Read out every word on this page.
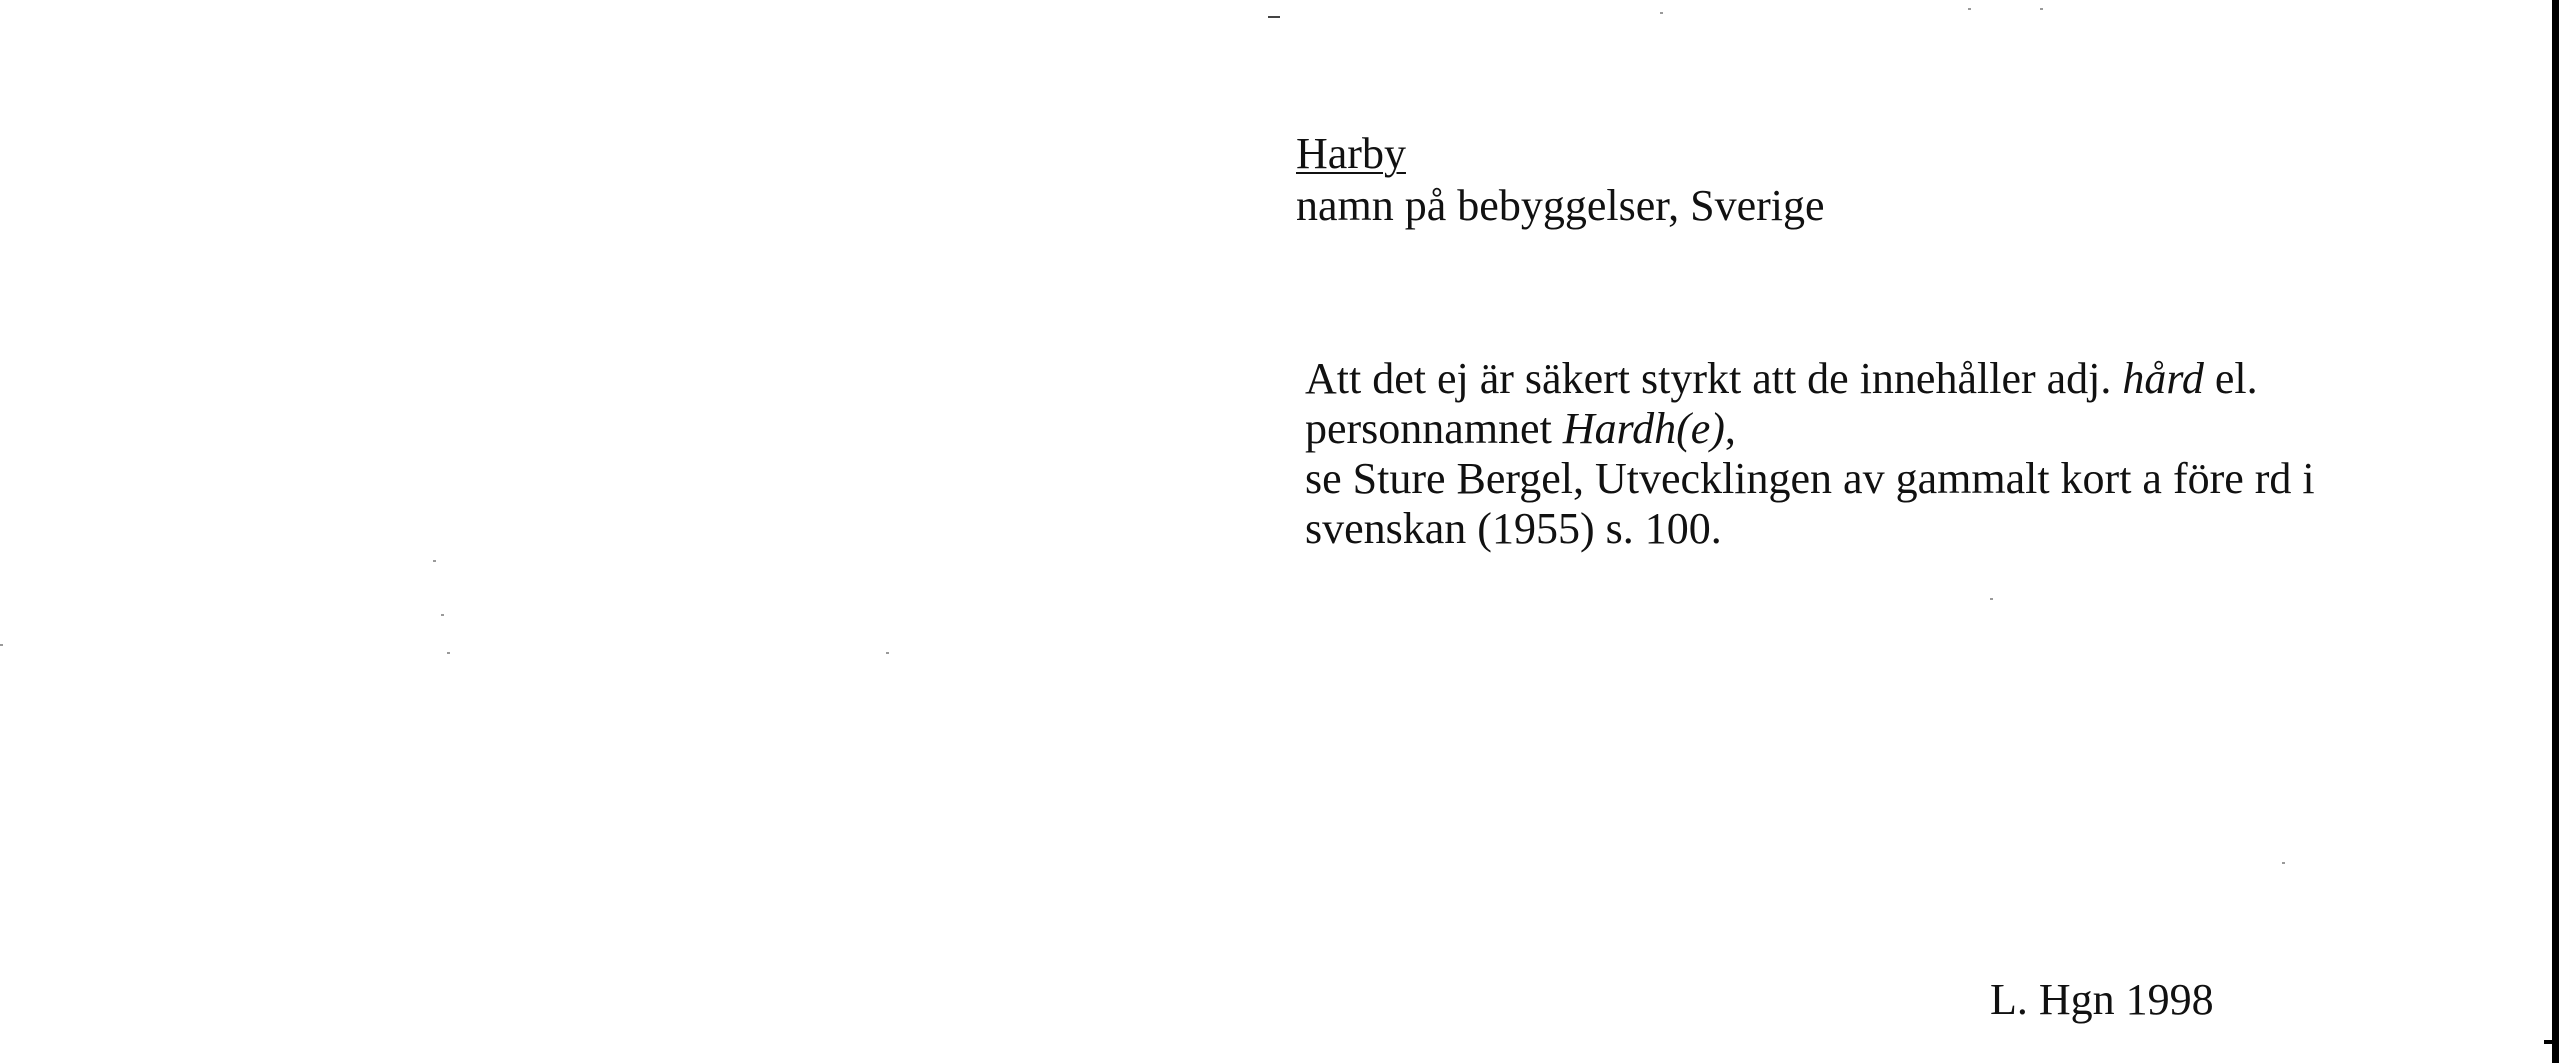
Harby
namn på bebyggelser, Sverige
Att det ej är säkert styrkt att de innehåller adj. hård el.
personnamnet Hardh(e),
se Sture Bergel, Utvecklingen av gammalt kort a före rd i
svenskan (1955) s. 100.
L. Hgn 1998
